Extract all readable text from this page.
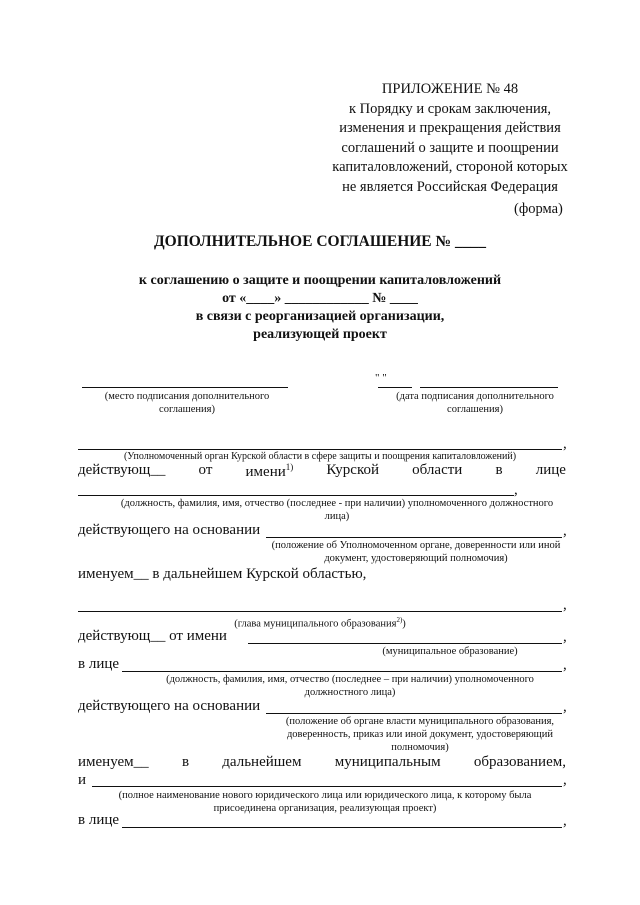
ПРИЛОЖЕНИЕ № 48
к Порядку и срокам заключения,
изменения и прекращения действия
соглашений о защите и поощрении
капиталовложений, стороной которых
не является Российская Федерация
(форма)
ДОПОЛНИТЕЛЬНОЕ СОГЛАШЕНИЕ № ____
к соглашению о защите и поощрении капиталовложений
от «____» ____________ № ____
в связи с реорганизацией организации,
реализующей проект
(место подписания дополнительного соглашения)
" "
(дата подписания дополнительного соглашения)
,
(Уполномоченный орган Курской области в сфере защиты и поощрения капиталовложений)
действующ__ от имени$^{1)}$ Курской области в лице
,
(должность, фамилия, имя, отчество (последнее - при наличии) уполномоченного должностного лица)
действующего на основании	,
(положение об Уполномоченном органе, доверенности или иной документ, удостоверяющий полномочия)
именуем__ в дальнейшем Курской областью,
,
(глава муниципального образования$^{2)}$)
действующ__ от имени	,
(муниципальное образование)
в лице	,
(должность, фамилия, имя, отчество (последнее – при наличии) уполномоченного должностного лица)
действующего на основании	,
(положение об органе власти муниципального образования, доверенность, приказ или иной документ, удостоверяющий полномочия)
именуем__ в дальнейшем муниципальным образованием,
и	,
(полное наименование нового юридического лица или юридического лица, к которому была присоединена организация, реализующая проект)
в лице	,
